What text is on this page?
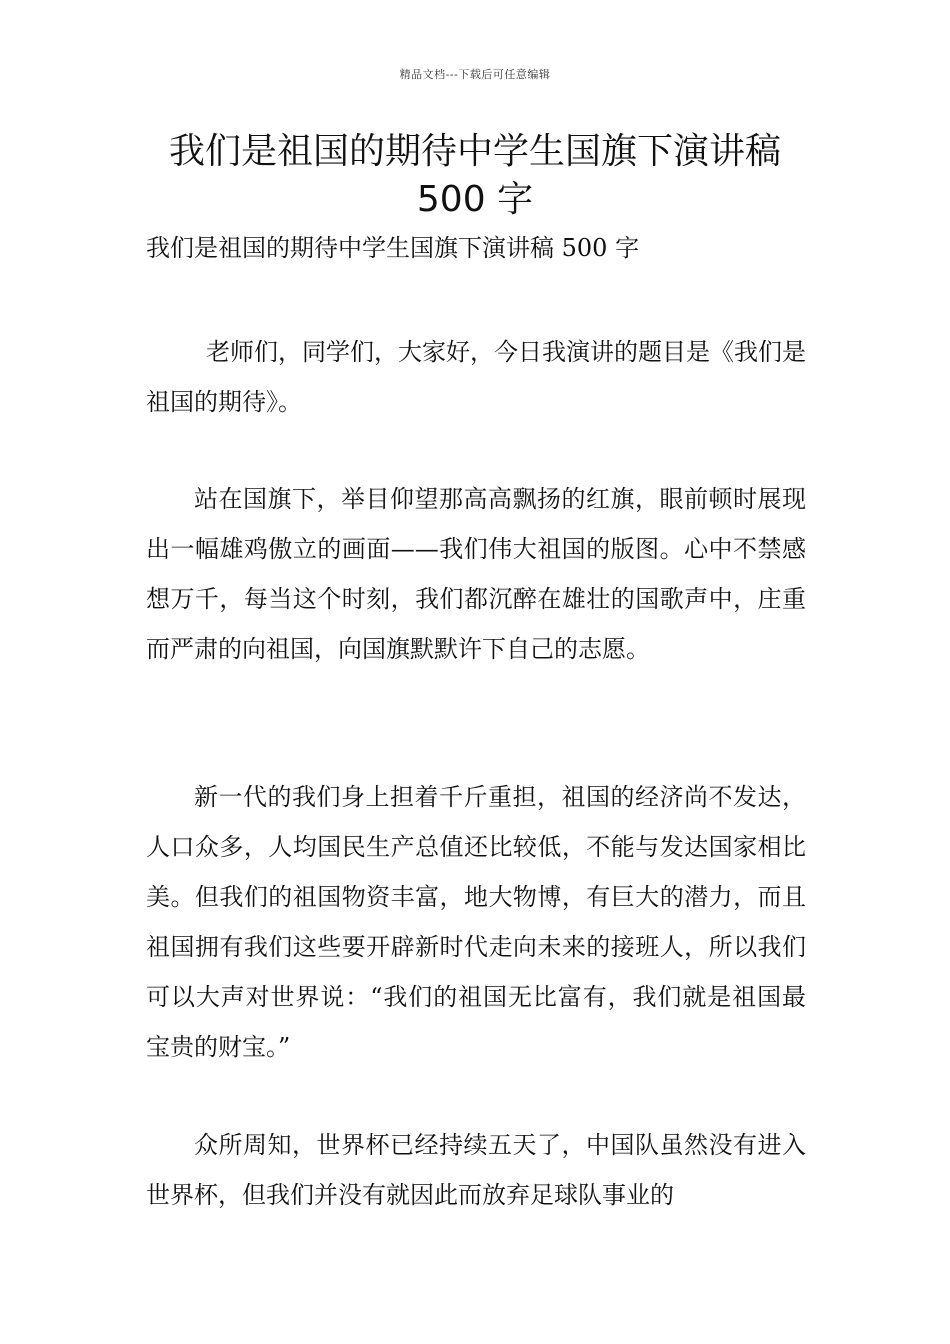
精品文档---下载后可任意编辑
我们是祖国的期待中学生国旗下演讲稿 500 字

我们是祖国的期待中学生国旗下演讲稿 500 字

老师们，同学们，大家好，今日我演讲的题目是《我们是祖国的期待》。

站在国旗下，举目仰望那高高飘扬的红旗，眼前顿时展现出一幅雄鸡傲立的画面——我们伟大祖国的版图。心中不禁感想万千，每当这个时刻，我们都沉醉在雄壮的国歌声中，庄重而严肃的向祖国，向国旗默默许下自己的志愿。

新一代的我们身上担着千斤重担，祖国的经济尚不发达，人口众多，人均国民生产总值还比较低，不能与发达国家相比美。但我们的祖国物资丰富，地大物博，有巨大的潜力，而且祖国拥有我们这些要开辟新时代走向未来的接班人，所以我们可以大声对世界说：“我们的祖国无比富有，我们就是祖国最宝贵的财宝。”

众所周知，世界杯已经持续五天了，中国队虽然没有进入世界杯，但我们并没有就因此而放弃足球队事业的
